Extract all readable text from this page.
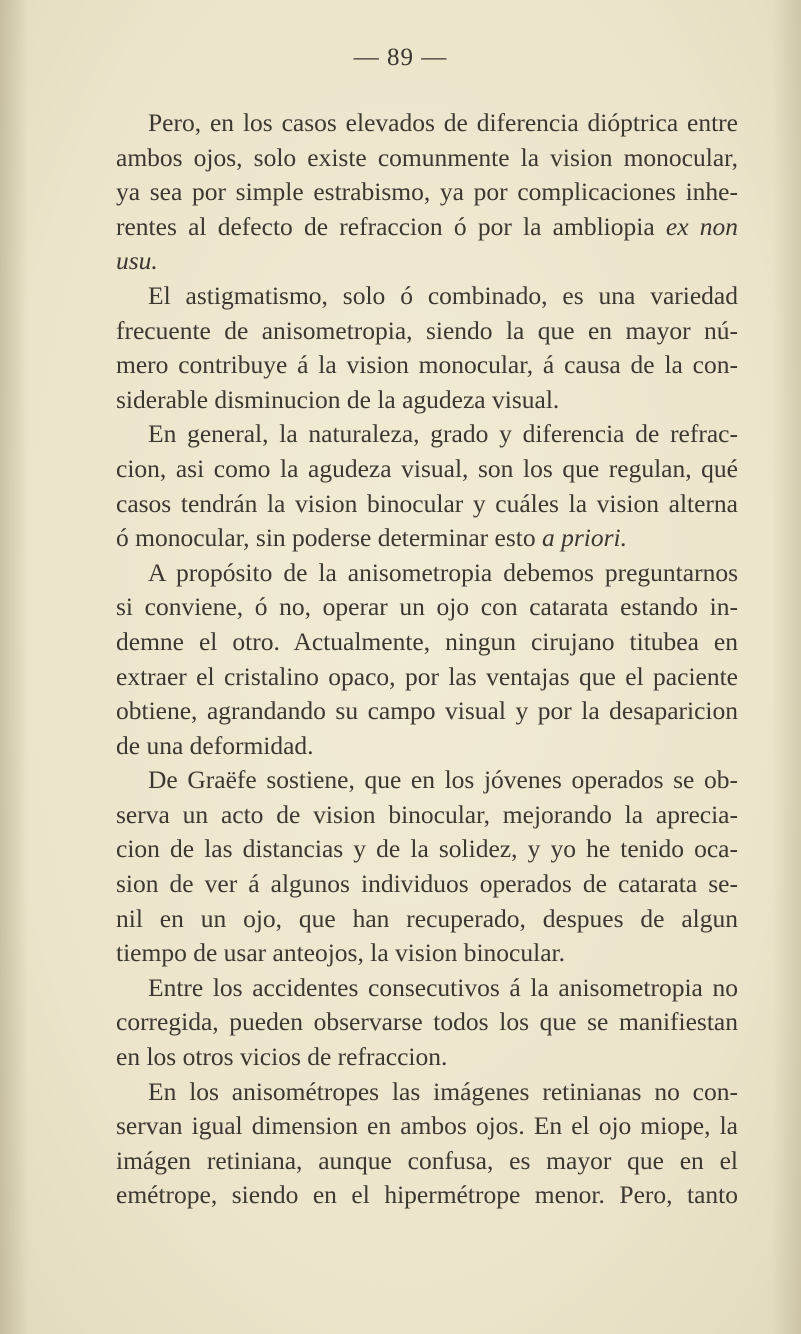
— 89 —

Pero, en los casos elevados de diferencia dióptrica entre
ambos ojos, solo existe comunmente la vision monocular,
ya sea por simple estrabismo, ya por complicaciones inhe-
rentes al defecto de refraccion ó por la ambliopia ex non
usu.

El astigmatismo, solo ó combinado, es una variedad
frecuente de anisometropia, siendo la que en mayor nú-
mero contribuye á la vision monocular, á causa de la con-
siderable disminucion de la agudeza visual.

En general, la naturaleza, grado y diferencia de refrac-
cion, asi como la agudeza visual, son los que regulan, qué
casos tendrán la vision binocular y cuáles la vision alterna
ó monocular, sin poderse determinar esto a priori.

A propósito de la anisometropia debemos preguntarnos
si conviene, ó no, operar un ojo con catarata estando in-
demne el otro. Actualmente, ningun cirujano titubea en
extraer el cristalino opaco, por las ventajas que el paciente
obtiene, agrandando su campo visual y por la desaparicion
de una deformidad.

De Graëfe sostiene, que en los jóvenes operados se ob-
serva un acto de vision binocular, mejorando la aprecia-
cion de las distancias y de la solidez, y yo he tenido oca-
sion de ver á algunos individuos operados de catarata se-
nil en un ojo, que han recuperado, despues de algun
tiempo de usar anteojos, la vision binocular.

Entre los accidentes consecutivos á la anisometropia no
corregida, pueden observarse todos los que se manifiestan
en los otros vicios de refraccion.

En los anisométropes las imágenes retinianas no con-
servan igual dimension en ambos ojos. En el ojo miope, la
imágen retiniana, aunque confusa, es mayor que en el
emétrope, siendo en el hipermétrope menor. Pero, tanto
